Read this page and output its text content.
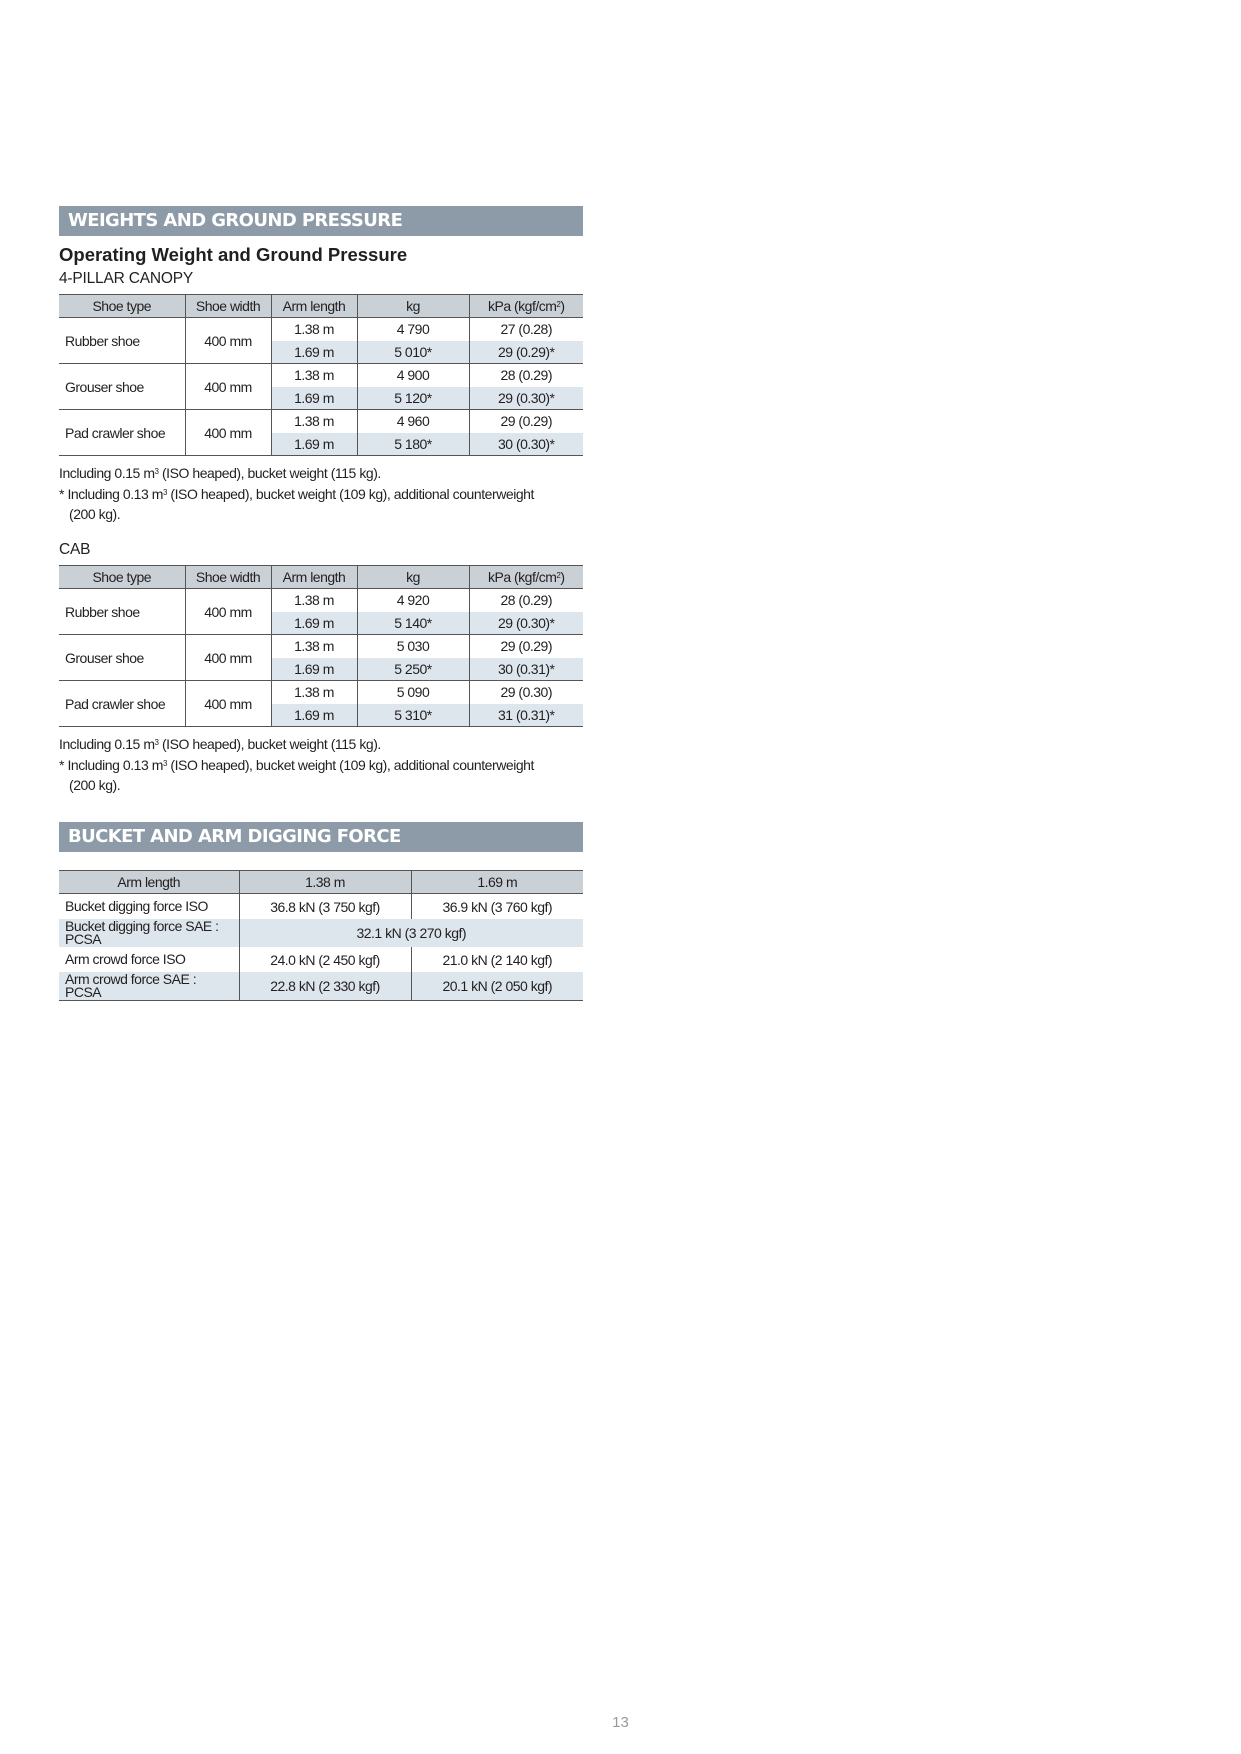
WEIGHTS AND GROUND PRESSURE
Operating Weight and Ground Pressure
4-PILLAR CANOPY
Shoe type	Shoe width	Arm length	kg	kPa $(kgf/cm^2)$
Rubber shoe	400 mm	1.38 m	4 790	27 (0.28)
		1.69 m	5 010*	29 (0.29)*
Grouser shoe	400 mm	1.38 m	4 900	28 (0.29)
		1.69 m	5 120*	29 (0.30)*
Pad crawler shoe	400 mm	1.38 m	4 960	29 (0.29)
		1.69 m	5 180*	30 (0.30)*
Including 0.15 $m^3$ (ISO heaped), bucket weight (115 kg).
* Including 0.13 $m^3$ (ISO heaped), bucket weight (109 kg), additional counterweight
(200 kg).
CAB
Shoe type	Shoe width	Arm length	kg	kPa $(kgf/cm^2)$
Rubber shoe	400 mm	1.38 m	4 920	28 (0.29)
		1.69 m	5 140*	29 (0.30)*
Grouser shoe	400 mm	1.38 m	5 030	29 (0.29)
		1.69 m	5 250*	30 (0.31)*
Pad crawler shoe	400 mm	1.38 m	5 090	29 (0.30)
		1.69 m	5 310*	31 (0.31)*
Including 0.15 $m^3$ (ISO heaped), bucket weight (115 kg).
* Including 0.13 $m^3$ (ISO heaped), bucket weight (109 kg), additional counterweight
(200 kg).
BUCKET AND ARM DIGGING FORCE
Arm length	1.38 m	1.69 m
Bucket digging force ISO	36.8 kN (3 750 kgf)	36.9 kN (3 760 kgf)

Bucket digging force SAE :
PCSA	32.1 kN (3 270 kgf)	
Arm crowd force ISO	24.0 kN (2 450 kgf)	21.0 kN (2 140 kgf)

Arm crowd force SAE :
PCSA	22.8 kN (2 330 kgf)	20.1 kN (2 050 kgf)
13
